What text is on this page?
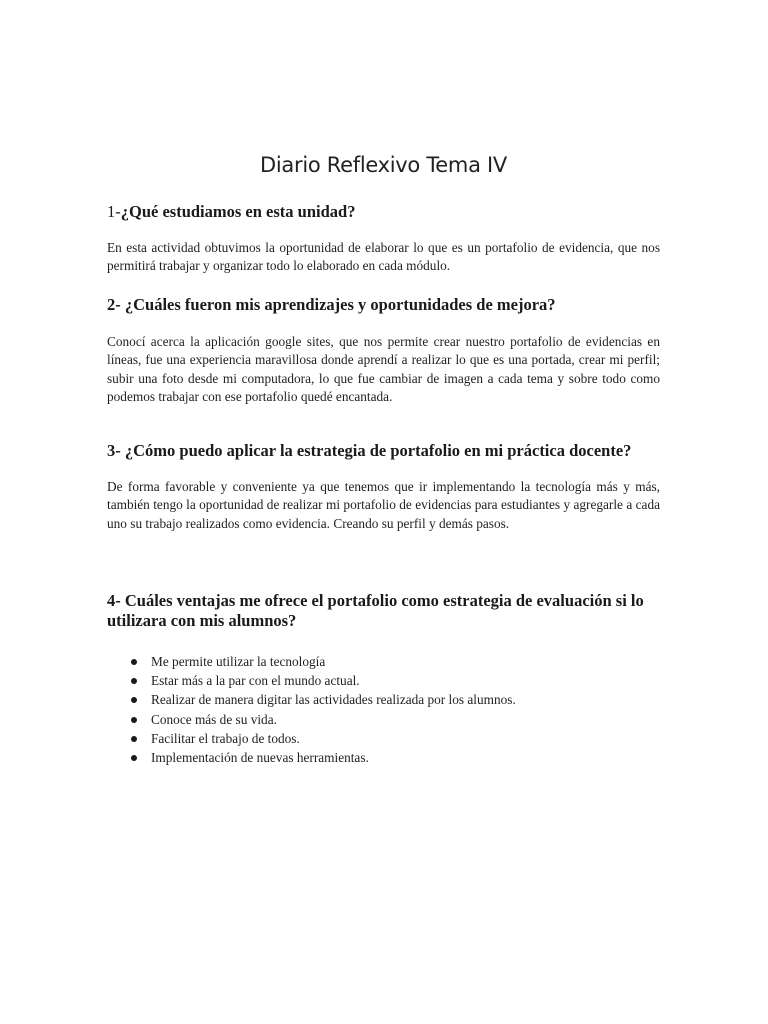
Diario Reflexivo Tema IV
1-¿Qué estudiamos en esta unidad?

En esta actividad obtuvimos la oportunidad de elaborar lo que es un portafolio de evidencia, que nos permitirá trabajar y organizar todo lo elaborado en cada módulo.

2- ¿Cuáles fueron mis aprendizajes y oportunidades de mejora?

Conocí acerca la aplicación google sites, que nos permite crear nuestro portafolio de evidencias en líneas, fue una experiencia maravillosa donde aprendí a realizar lo que es una portada, crear mi perfil; subir una foto desde mi computadora, lo que fue cambiar de imagen a cada tema y sobre todo como podemos trabajar con ese portafolio quedé encantada.

3- ¿Cómo puedo aplicar la estrategia de portafolio en mi práctica docente?

De forma favorable y conveniente ya que tenemos que ir implementando la tecnología más y más, también tengo la oportunidad de realizar mi portafolio de evidencias para estudiantes y agregarle a cada uno su trabajo realizados como evidencia. Creando su perfil y demás pasos.

4- Cuáles ventajas me ofrece el portafolio como estrategia de evaluación si lo utilizara con mis alumnos?
Me permite utilizar la tecnología
Estar más a la par con el mundo actual.
Realizar de manera digitar las actividades realizada por los alumnos.
Conoce más de su vida.
Facilitar el trabajo de todos.
Implementación de nuevas herramientas.
